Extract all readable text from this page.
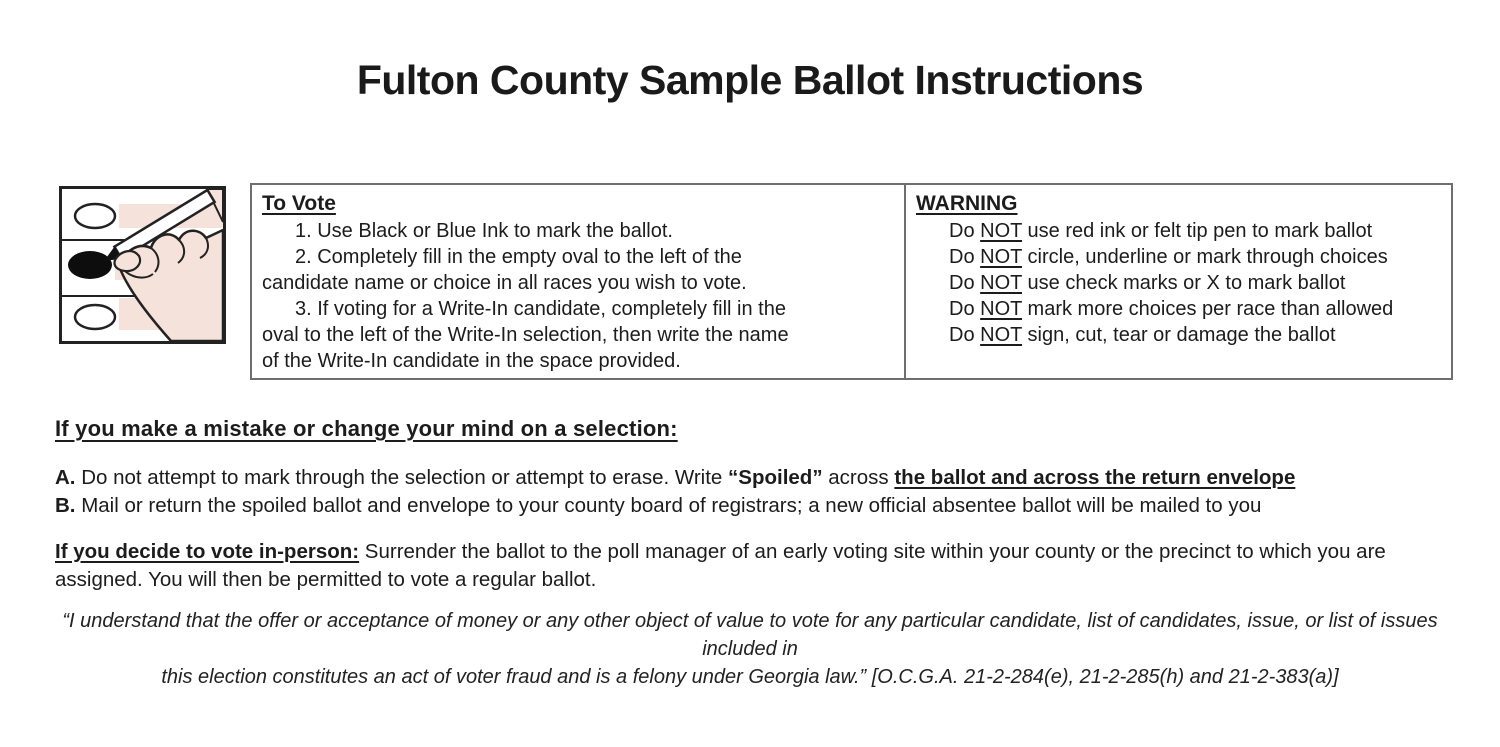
Fulton County Sample Ballot Instructions
To Vote
1. Use Black or Blue Ink to mark the ballot.
2. Completely fill in the empty oval to the left of the
candidate name or choice in all races you wish to vote.
3. If voting for a Write-In candidate, completely fill in the
oval to the left of the Write-In selection, then write the name
of the Write-In candidate in the space provided.
WARNING
Do NOT use red ink or felt tip pen to mark ballot
Do NOT circle, underline or mark through choices
Do NOT use check marks or X to mark ballot
Do NOT mark more choices per race than allowed
Do NOT sign, cut, tear or damage the ballot
If you make a mistake or change your mind on a selection:
A. Do not attempt to mark through the selection or attempt to erase. Write “Spoiled” across the ballot and across the return envelope
B. Mail or return the spoiled ballot and envelope to your county board of registrars; a new official absentee ballot will be mailed to you
If you decide to vote in-person: Surrender the ballot to the poll manager of an early voting site within your county or the precinct to which you are assigned. You will then be permitted to vote a regular ballot.
“I understand that the offer or acceptance of money or any other object of value to vote for any particular candidate, list of candidates, issue, or list of issues included in
this election constitutes an act of voter fraud and is a felony under Georgia law.” [O.C.G.A. 21-2-284(e), 21-2-285(h) and 21-2-383(a)]
